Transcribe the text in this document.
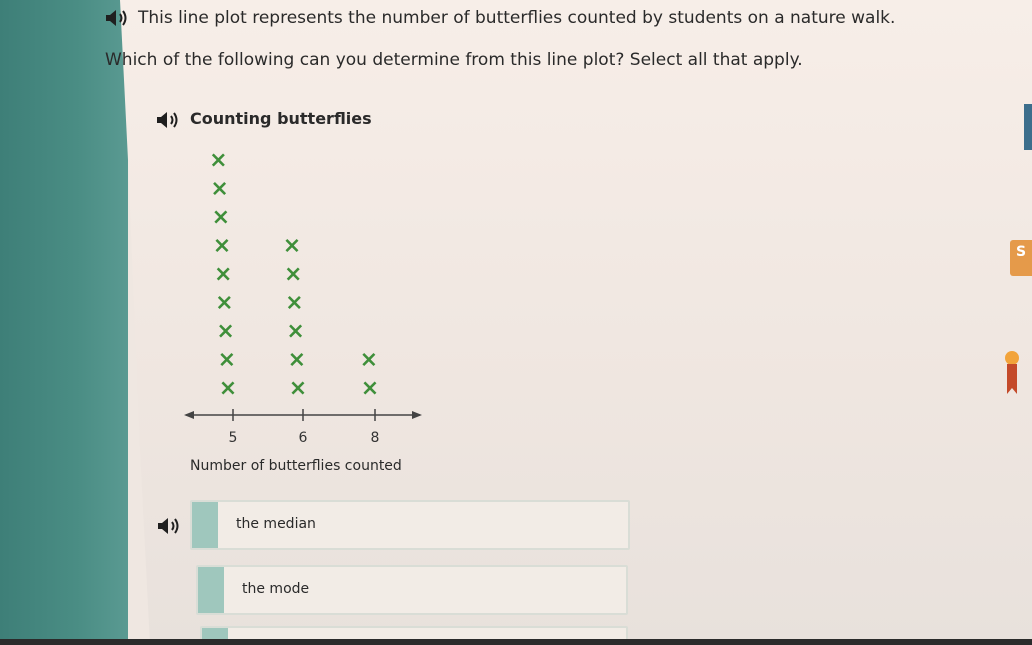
This line plot represents the number of butterflies counted by students on a nature walk.
Which of the following can you determine from this line plot? Select all that apply.
Counting butterflies
×
×
×
×
×
×
×
×
×
×
×
×
×
×
×
×
×
5	6	8
Number of butterflies counted
the median
the mode
S
